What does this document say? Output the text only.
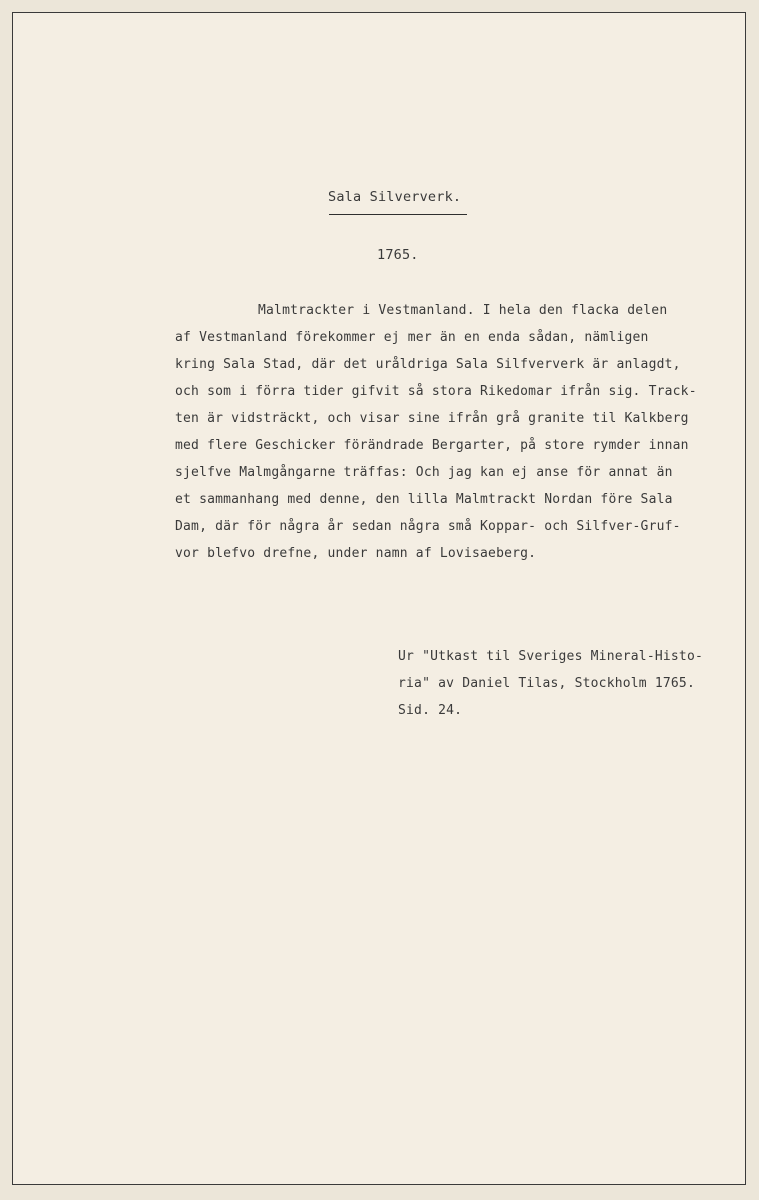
Sala Silververk.
1765.
Malmtrackter i Vestmanland. I hela den flacka delen
af Vestmanland förekommer ej mer än en enda sådan, nämligen
kring Sala Stad, där det uråldriga Sala Silfververk är anlagdt,
och som i förra tider gifvit så stora Rikedomar ifrån sig. Track-
ten är vidsträckt, och visar sine ifrån grå granite til Kalkberg
med flere Geschicker förändrade Bergarter, på store rymder innan
sjelfve Malmgångarne träffas: Och jag kan ej anse för annat än
et sammanhang med denne, den lilla Malmtrackt Nordan före Sala
Dam, där för några år sedan några små Koppar- och Silfver-Gruf-
vor blefvo drefne, under namn af Lovisaeberg.
Ur "Utkast til Sveriges Mineral-Histo-
ria" av Daniel Tilas, Stockholm 1765.
Sid. 24.
